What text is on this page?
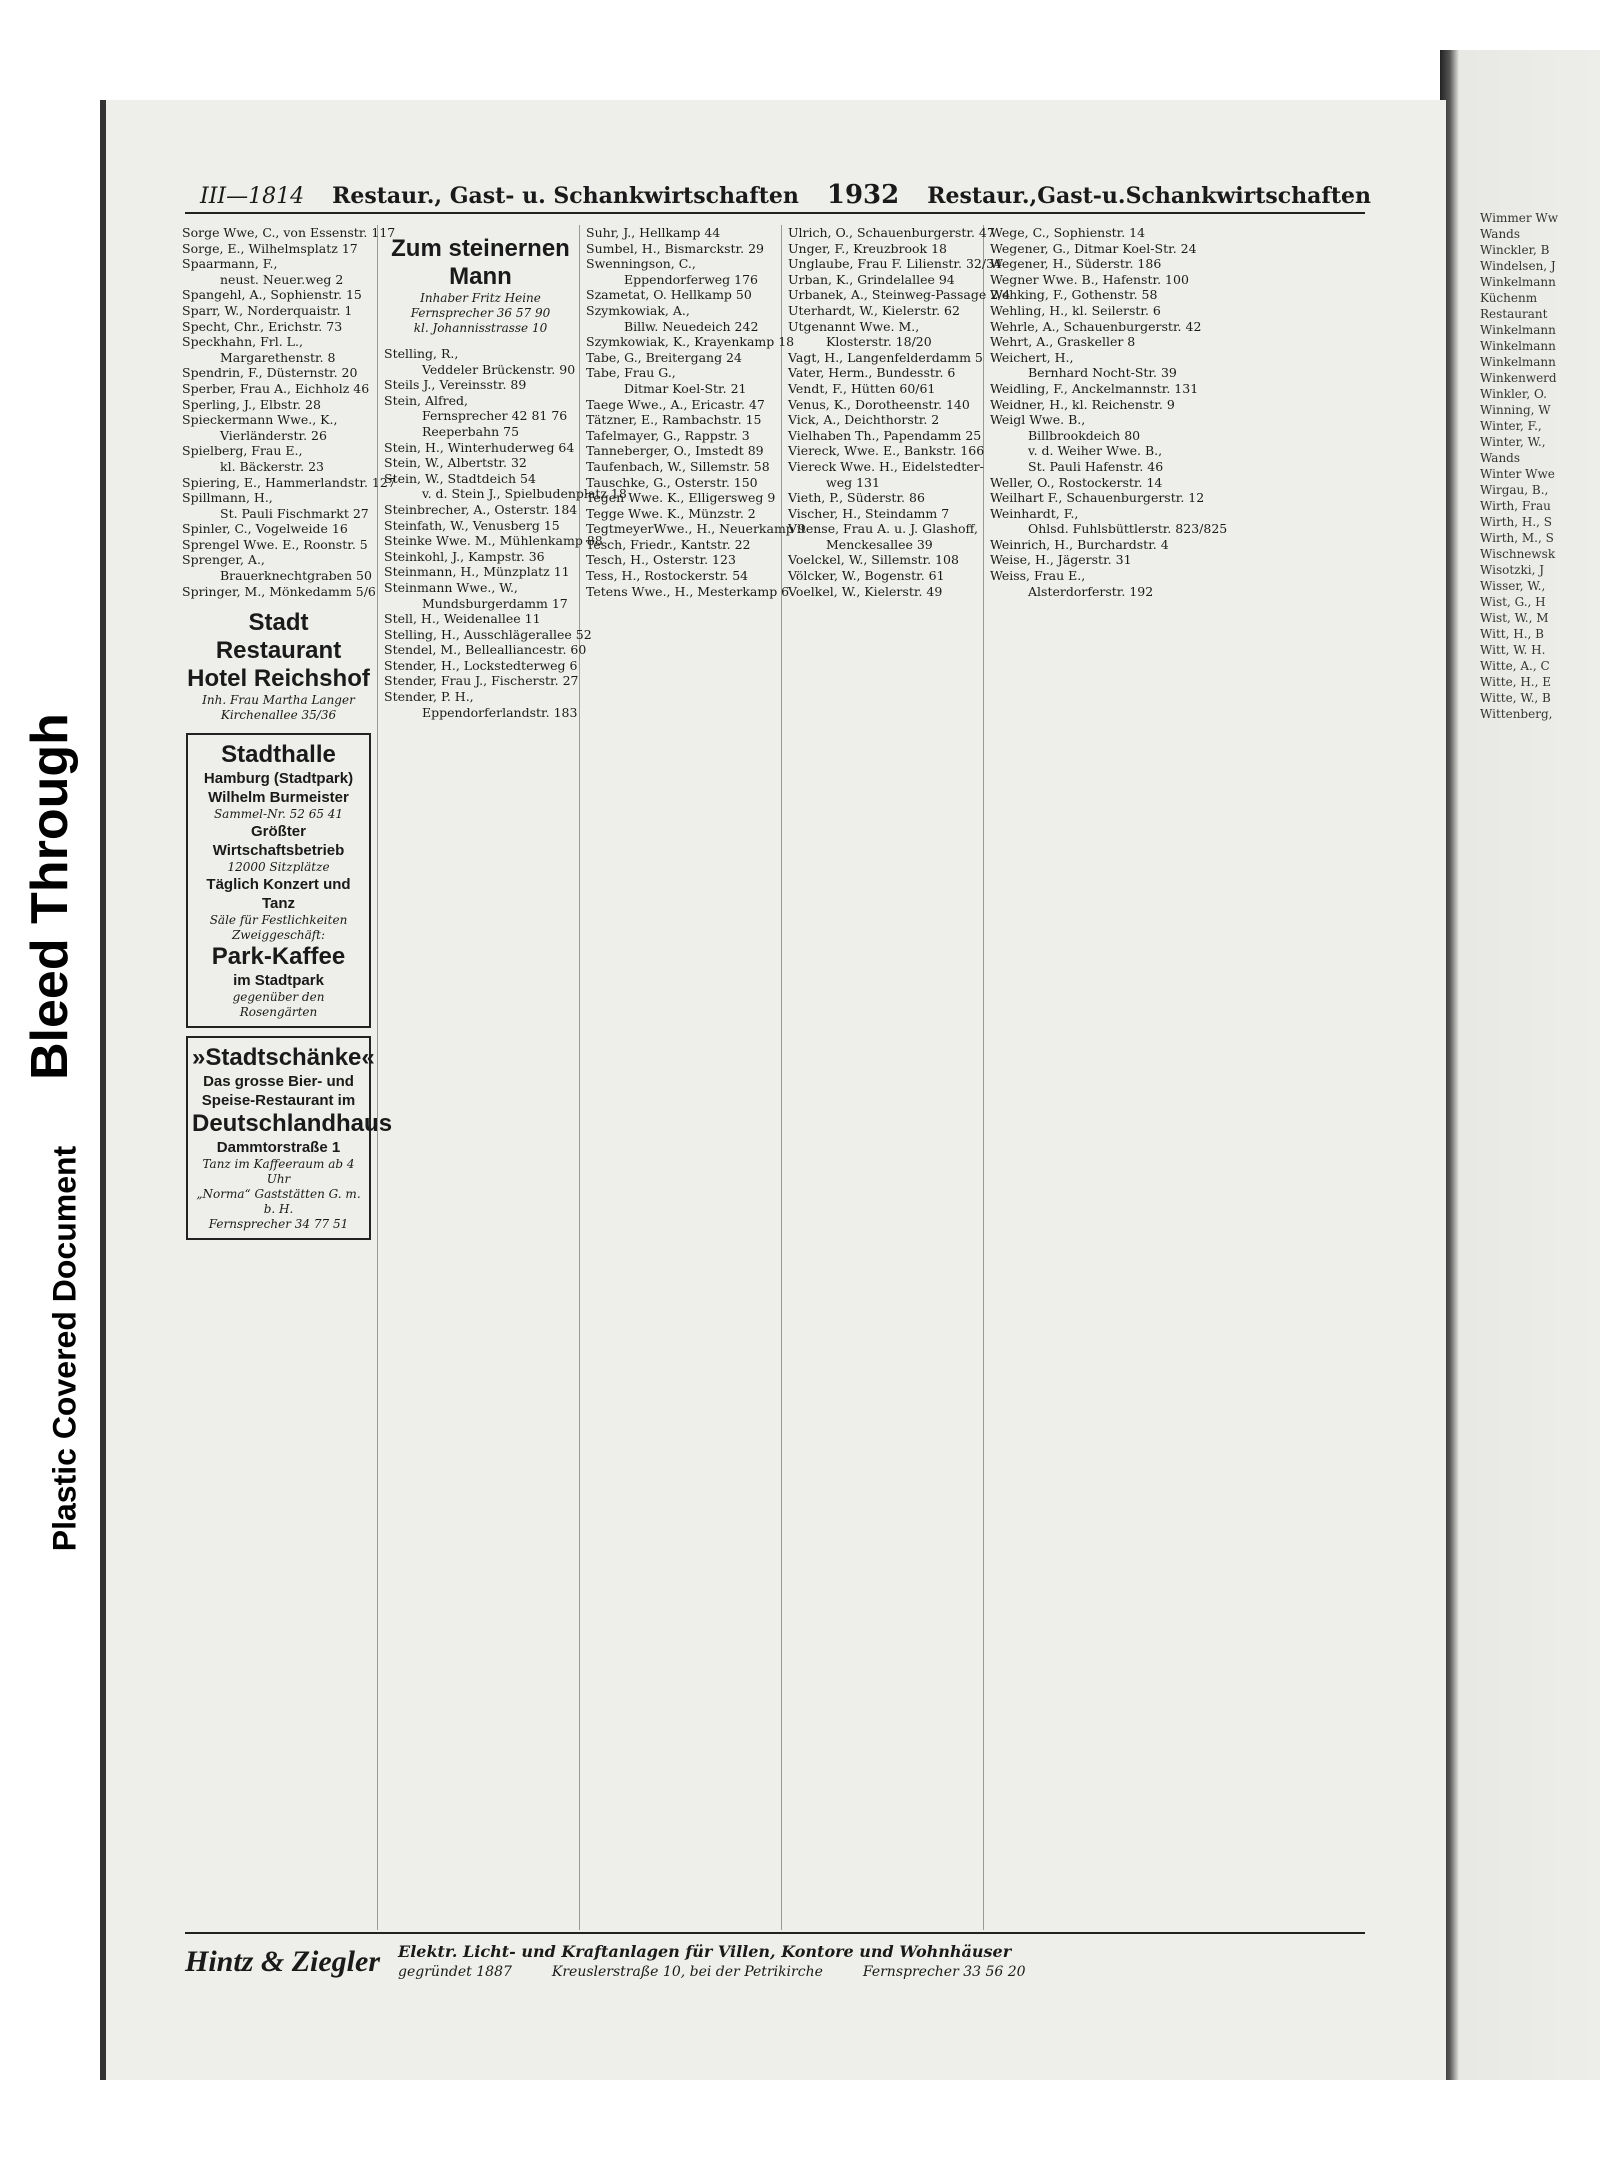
Bleed Through
Plastic Covered Document
Wimmer Ww
Wands
Winckler, B
Windelsen, J
Winkelmann
Küchenm
Restaurant
Winkelmann
Winkelmann
Winkelmann
Winkenwerd
Winkler, O.
Winning, W
Winter, F.,
Winter, W.,
Wands
Winter Wwe
Wirgau, B.,
Wirth, Frau
Wirth, H., S
Wirth, M., S
Wischnewsk
Wisotzki, J
Wisser, W.,
Wist, G., H
Wist, W., M
Witt, H., B
Witt, W. H.
Witte, A., C
Witte, H., E
Witte, W., B
Wittenberg,
III—1814 Restaur., Gast- u. Schankwirtschaften 1932 Restaur.,Gast-u.Schankwirtschaften
Sorge Wwe, C., von Essenstr. 117
Sorge, E., Wilhelmsplatz 17
Spaarmann, F.,
neust. Neuer.weg 2
Spangehl, A., Sophienstr. 15
Sparr, W., Norderquaistr. 1
Specht, Chr., Erichstr. 73
Speckhahn, Frl. L.,
Margarethenstr. 8
Spendrin, F., Düsternstr. 20
Sperber, Frau A., Eichholz 46
Sperling, J., Elbstr. 28
Spieckermann Wwe., K.,
Vierländerstr. 26
Spielberg, Frau E.,
kl. Bäckerstr. 23
Spiering, E., Hammerlandstr. 127
Spillmann, H.,
St. Pauli Fischmarkt 27
Spinler, C., Vogelweide 16
Sprengel Wwe. E., Roonstr. 5
Sprenger, A.,
Brauerknechtgraben 50
Springer, M., Mönkedamm 5/6
Stadt Restaurant Hotel Reichshof
Inh. Frau Martha Langer
Kirchenallee 35/36
Stadthalle
Hamburg (Stadtpark)
Wilhelm Burmeister
Sammel-Nr. 52 65 41
Größter Wirtschaftsbetrieb
12000 Sitzplätze
Täglich Konzert und Tanz
Säle für Festlichkeiten
Zweiggeschäft:
Park-Kaffee
im Stadtpark
gegenüber den Rosengärten
»Stadtschänke«
Das grosse Bier- und Speise-Restaurant im
Deutschlandhaus
Dammtorstraße 1
Tanz im Kaffeeraum ab 4 Uhr
„Norma“ Gaststätten G. m. b. H.
Fernsprecher 34 77 51
Zum steinernen Mann
Inhaber Fritz Heine
Fernsprecher 36 57 90
kl. Johannisstrasse 10
Stelling, R.,
Veddeler Brückenstr. 90
Steils J., Vereinsstr. 89
Stein, Alfred,
Fernsprecher 42 81 76
Reeperbahn 75
Stein, H., Winterhuderweg 64
Stein, W., Albertstr. 32
Stein, W., Stadtdeich 54
v. d. Stein J., Spielbudenplatz 18
Steinbrecher, A., Osterstr. 184
Steinfath, W., Venusberg 15
Steinke Wwe. M., Mühlenkamp 88
Steinkohl, J., Kampstr. 36
Steinmann, H., Münzplatz 11
Steinmann Wwe., W.,
Mundsburgerdamm 17
Stell, H., Weidenallee 11
Stelling, H., Ausschlägerallee 52
Stendel, M., Bellealliancestr. 60
Stender, H., Lockstedterweg 6
Stender, Frau J., Fischerstr. 27
Stender, P. H.,
Eppendorferlandstr. 183
Suhr, J., Hellkamp 44
Sumbel, H., Bismarckstr. 29
Swenningson, C.,
Eppendorferweg 176
Szametat, O. Hellkamp 50
Szymkowiak, A.,
Billw. Neuedeich 242
Szymkowiak, K., Krayenkamp 18
Tabe, G., Breitergang 24
Tabe, Frau G.,
Ditmar Koel-Str. 21
Taege Wwe., A., Ericastr. 47
Tätzner, E., Rambachstr. 15
Tafelmayer, G., Rappstr. 3
Tanneberger, O., Imstedt 89
Taufenbach, W., Sillemstr. 58
Tauschke, G., Osterstr. 150
Tegen Wwe. K., Elligersweg 9
Tegge Wwe. K., Münzstr. 2
TegtmeyerWwe., H., Neuerkamp 9
Tesch, Friedr., Kantstr. 22
Tesch, H., Osterstr. 123
Tess, H., Rostockerstr. 54
Tetens Wwe., H., Mesterkamp 6
Ulrich, O., Schauenburgerstr. 47
Unger, F., Kreuzbrook 18
Unglaube, Frau F. Lilienstr. 32/34
Urban, K., Grindelallee 94
Urbanek, A., Steinweg-Passage 2/4
Uterhardt, W., Kielerstr. 62
Utgenannt Wwe. M.,
Klosterstr. 18/20
Vagt, H., Langenfelderdamm 5
Vater, Herm., Bundesstr. 6
Vendt, F., Hütten 60/61
Venus, K., Dorotheenstr. 140
Vick, A., Deichthorstr. 2
Vielhaben Th., Papendamm 25
Viereck, Wwe. E., Bankstr. 166
Viereck Wwe. H., Eidelstedter-
weg 131
Vieth, P., Süderstr. 86
Vischer, H., Steindamm 7
Vitense, Frau A. u. J. Glashoff,
Menckesallee 39
Voelckel, W., Sillemstr. 108
Völcker, W., Bogenstr. 61
Voelkel, W., Kielerstr. 49
Wege, C., Sophienstr. 14
Wegener, G., Ditmar Koel-Str. 24
Wegener, H., Süderstr. 186
Wegner Wwe. B., Hafenstr. 100
Wehking, F., Gothenstr. 58
Wehling, H., kl. Seilerstr. 6
Wehrle, A., Schauenburgerstr. 42
Wehrt, A., Graskeller 8
Weichert, H.,
Bernhard Nocht-Str. 39
Weidling, F., Anckelmannstr. 131
Weidner, H., kl. Reichenstr. 9
Weigl Wwe. B.,
Billbrookdeich 80
v. d. Weiher Wwe. B.,
St. Pauli Hafenstr. 46
Weller, O., Rostockerstr. 14
Weilhart F., Schauenburgerstr. 12
Weinhardt, F.,
Ohlsd. Fuhlsbüttlerstr. 823/825
Weinrich, H., Burchardstr. 4
Weise, H., Jägerstr. 31
Weiss, Frau E.,
Alsterdorferstr. 192
Hintz & Ziegler Elektr. Licht- und Kraftanlagen für Villen, Kontore und Wohnhäuser
gegründet 1887	Kreuslerstraße 10, bei der Petrikirche	Fernsprecher 33 56 20
